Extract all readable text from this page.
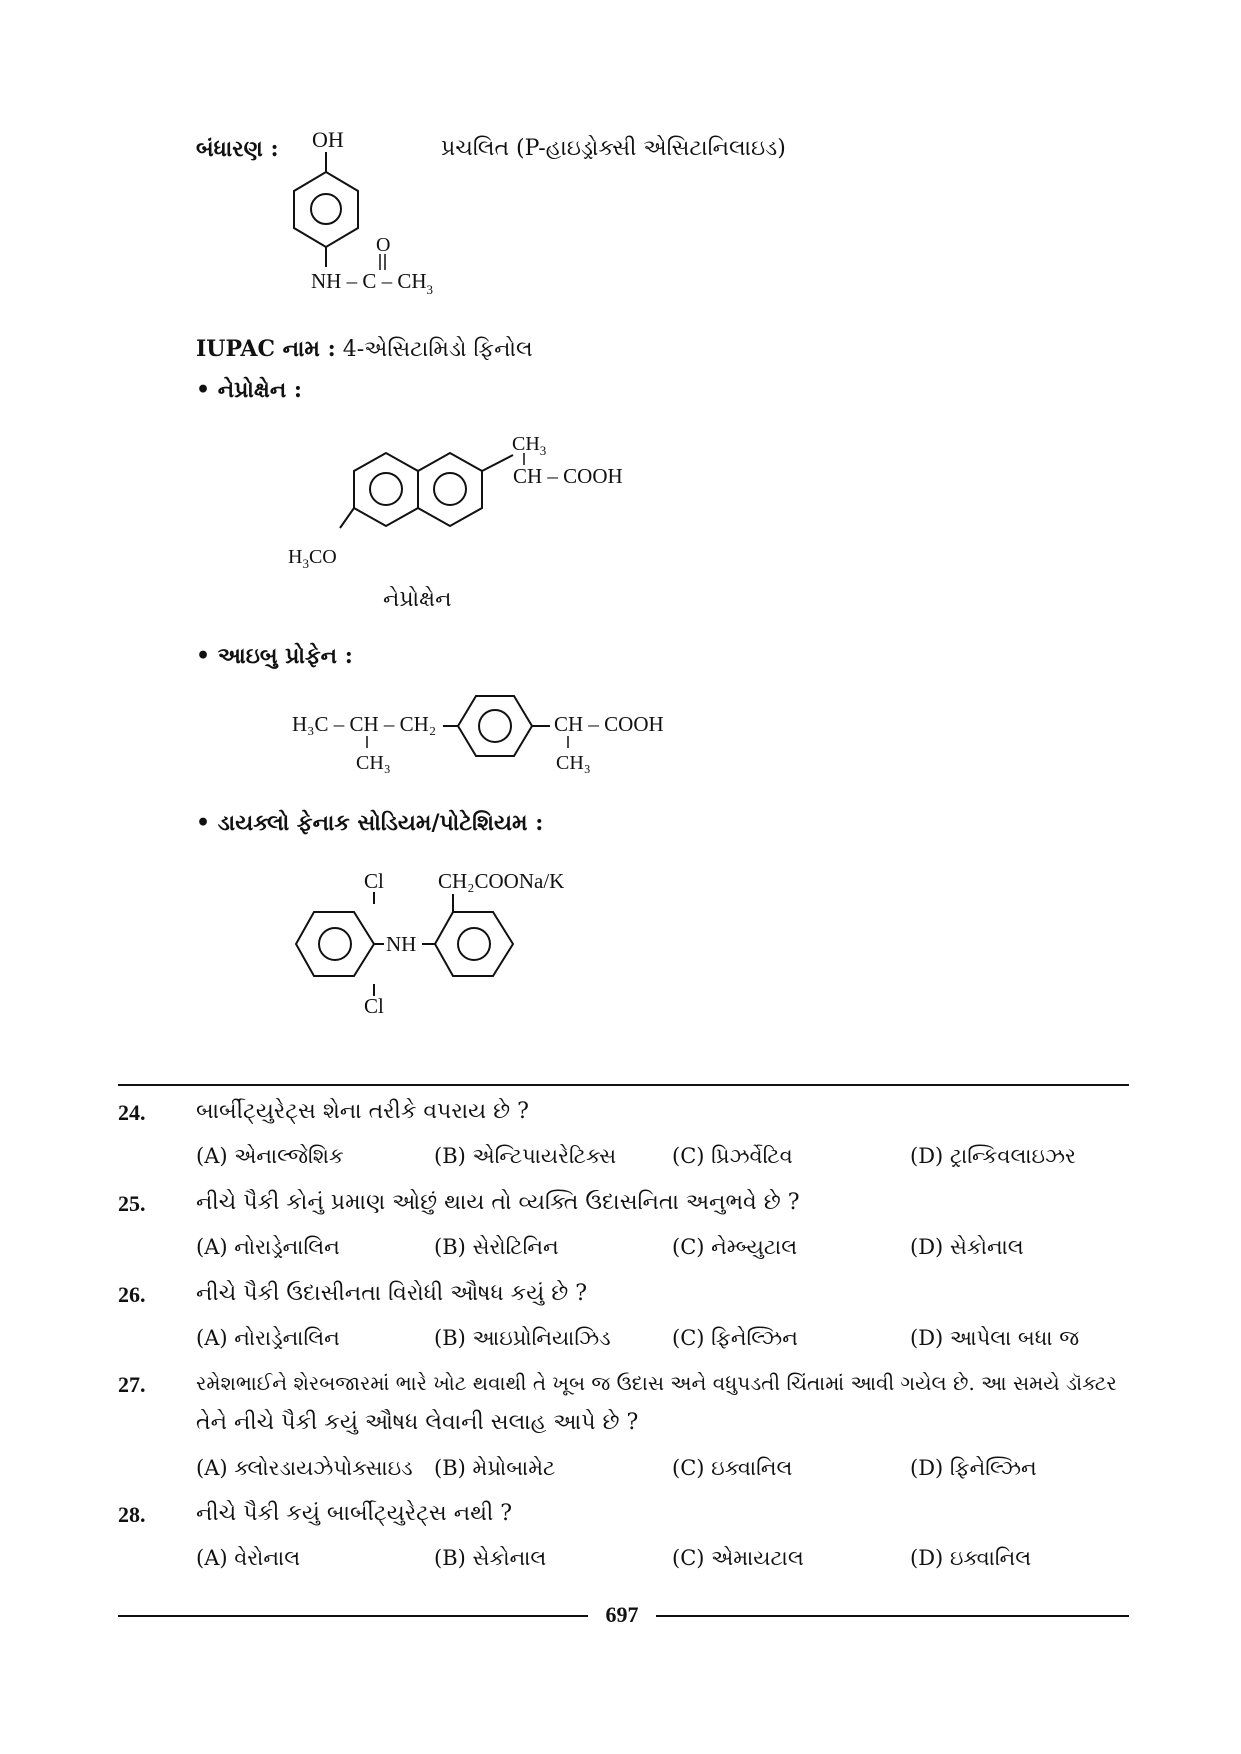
બંધારણ :	પ્રચલિત (P-હાઇડ્રોક્સી એસિટાનિલાઇડ)
OH
O
NH – C – $CH_3$
IUPAC નામ : 4-એસિટામિડો ફિનોલ
• નેપ્રોક્ષેન :
$CH_3$
CH – COOH
$H_3CO$
નેપ્રોક્ષેન
• આઇબુ પ્રોફેન :
H₃C – CH – CH₂
CH₃
CH – COOH
CH₃
• ડાયક્લો ફેનાક સોડિયમ/પોટેશિયમ :
Cl
Cl
NH
CH₂COONa/K
24. બાર્બીટ્યુરેટ્સ શેના તરીકે વપરાય છે ?
(A) એનાલ્જેશિક	(B) એન્ટિપાયરેટિક્સ	(C) પ્રિઝર્વેટિવ	(D) ટ્રાન્કિવલાઇઝર
25. નીચે પૈકી કોનું પ્રમાણ ઓછું થાય તો વ્યક્તિ ઉદાસનિતા અનુભવે છે ?
(A) નોરાડ્રેનાલિન	(B) સેરોટિનિન	(C) નેમ્બ્યુટાલ	(D) સેકોનાલ
26. નીચે પૈકી ઉદાસીનતા વિરોધી ઔષધ કયું છે ?
(A) નોરાડ્રેનાલિન	(B) આઇપ્રોનિયાઝિડ	(C) ફિનેલ્ઝિન	(D) આપેલા બધા જ
27.	રમેશભાઈને શેરબજારમાં ભારે ખોટ થવાથી તે ખૂબ જ ઉદાસ અને વધુપડતી ચિંતામાં આવી ગયેલ છે. આ સમયે ડૉક્ટર
તેને નીચે પૈકી કયું ઔષધ લેવાની સલાહ આપે છે ?
(A) ક્લોરડાયઝેપોક્સાઇડ (B) મેપ્રોબામેટ	(C) ઇક્વાનિલ	(D) ફિનેલ્ઝિન
28. નીચે પૈકી કયું બાર્બીટ્યુરેટ્સ નથી ?
(A) વેરોનાલ	(B) સેકોનાલ	(C) એમાયટાલ	(D) ઇક્વાનિલ
697
